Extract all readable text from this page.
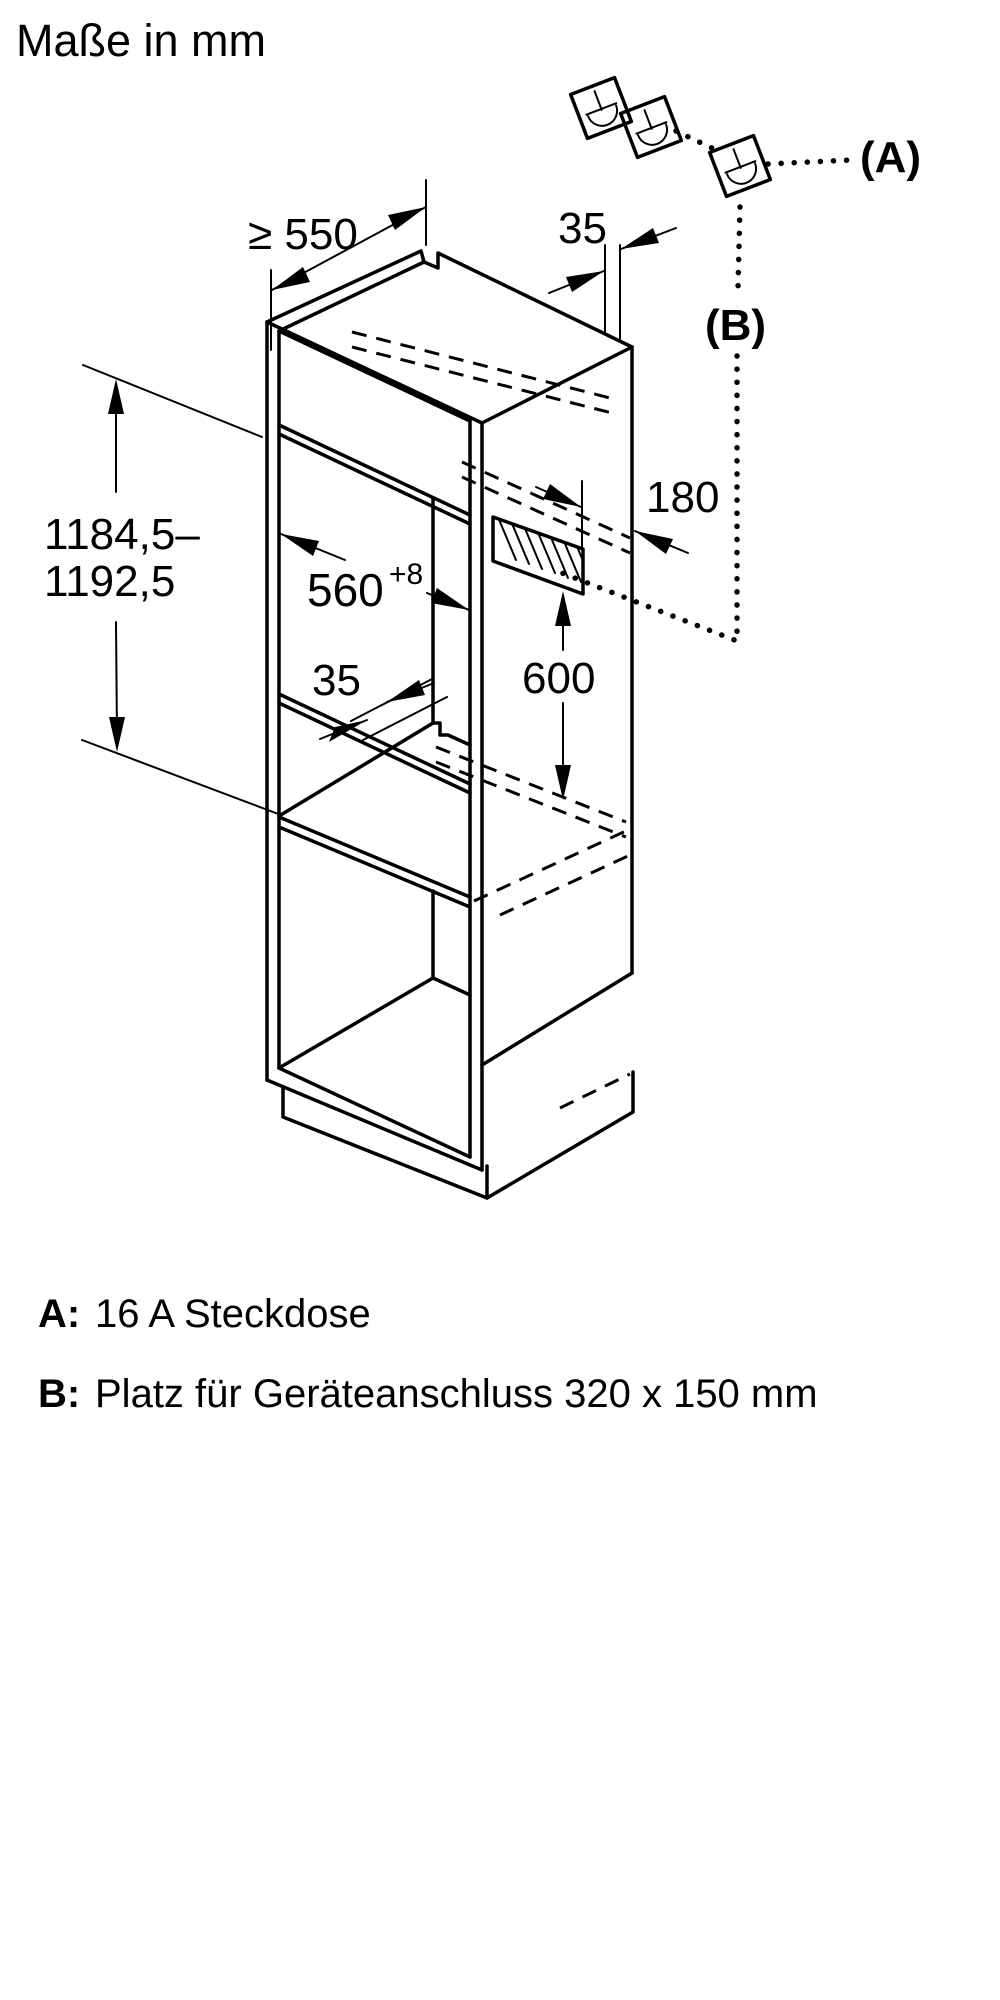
Maße in mm
(A)
(B)
≥ 550	35
560 +8
35
180
600
1184,5–
1192,5
A: 16 A Steckdose
B: Platz für Geräteanschluss 320 x 150 mm
